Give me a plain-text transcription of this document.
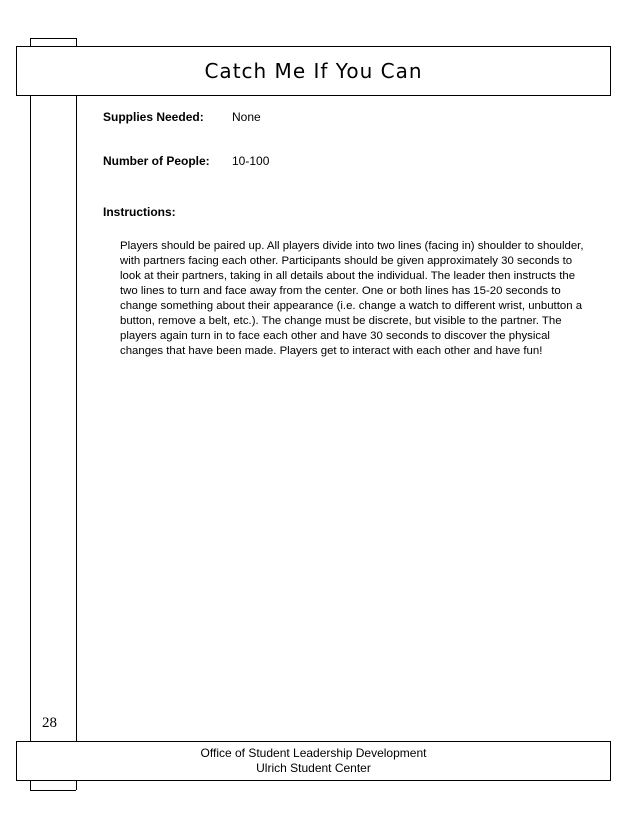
Catch Me If You Can
Supplies Needed: None
Number of People: 10-100
Instructions:

Players should be paired up. All players divide into two lines (facing in) shoulder to shoulder, with partners facing each other. Participants should be given approximately 30 seconds to look at their partners, taking in all details about the individual. The leader then instructs the two lines to turn and face away from the center. One or both lines has 15-20 seconds to change something about their appearance (i.e. change a watch to different wrist, unbutton a button, remove a belt, etc.). The change must be discrete, but visible to the partner. The players again turn in to face each other and have 30 seconds to discover the physical changes that have been made. Players get to interact with each other and have fun!

28
Office of Student Leadership Development
Ulrich Student Center
